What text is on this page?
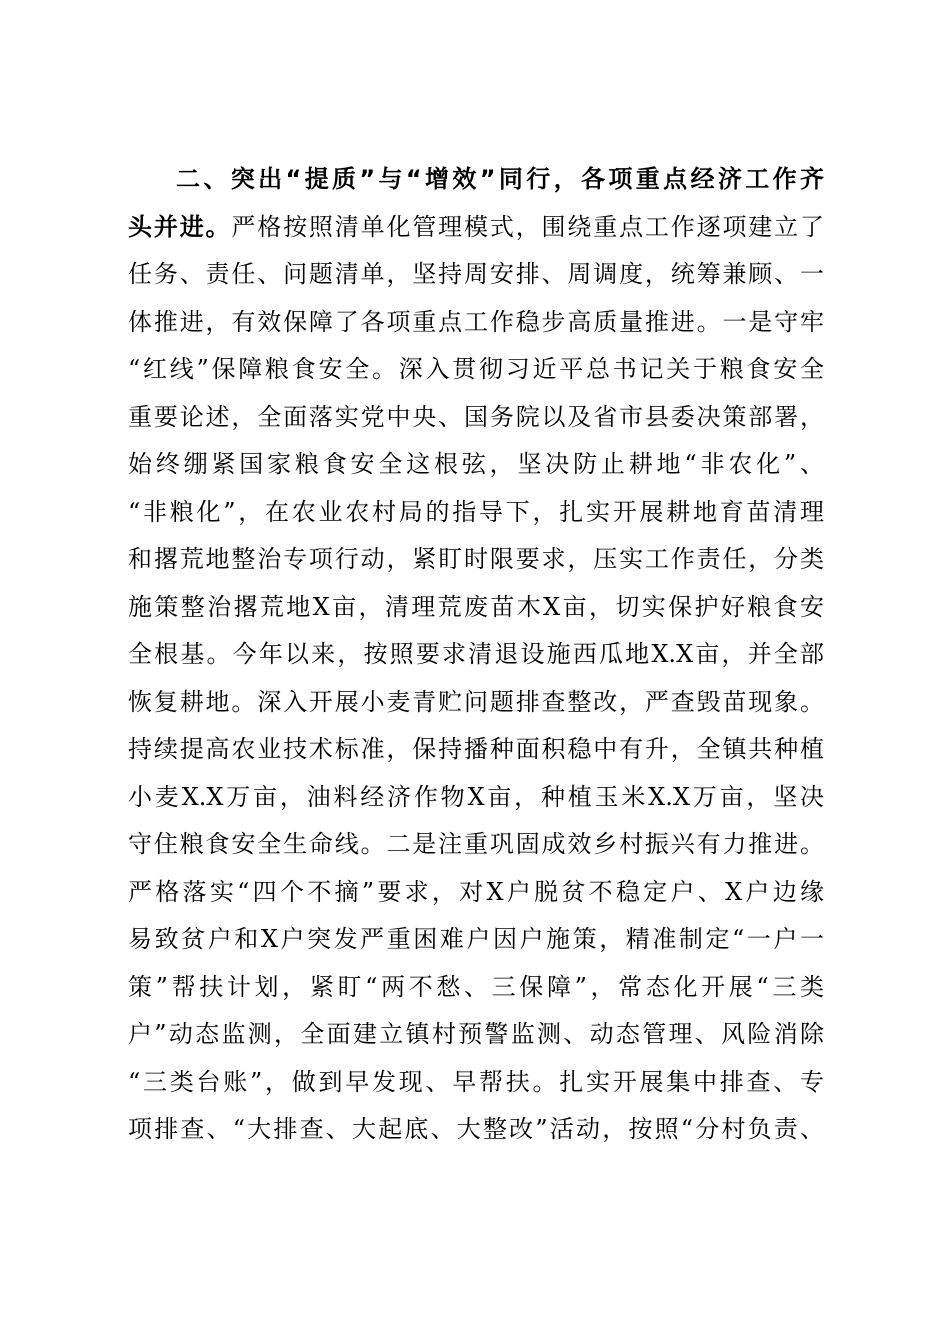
二、突出“提质”与“增效”同行，各项重点经济工作齐
头并进。严格按照清单化管理模式，围绕重点工作逐项建立了
任务、责任、问题清单，坚持周安排、周调度，统筹兼顾、一
体推进，有效保障了各项重点工作稳步高质量推进。一是守牢
“红线”保障粮食安全。深入贯彻习近平总书记关于粮食安全
重要论述，全面落实党中央、国务院以及省市县委决策部署，
始终绷紧国家粮食安全这根弦，坚决防止耕地“非农化”、
“非粮化”，在农业农村局的指导下，扎实开展耕地育苗清理
和撂荒地整治专项行动，紧盯时限要求，压实工作责任，分类
施策整治撂荒地X亩，清理荒废苗木X亩，切实保护好粮食安
全根基。今年以来，按照要求清退设施西瓜地X.X亩，并全部
恢复耕地。深入开展小麦青贮问题排查整改，严查毁苗现象。
持续提高农业技术标准，保持播种面积稳中有升，全镇共种植
小麦X.X万亩，油料经济作物X亩，种植玉米X.X万亩，坚决
守住粮食安全生命线。二是注重巩固成效乡村振兴有力推进。
严格落实“四个不摘”要求，对X户脱贫不稳定户、X户边缘
易致贫户和X户突发严重困难户因户施策，精准制定“一户一
策”帮扶计划，紧盯“两不愁、三保障”，常态化开展“三类
户”动态监测，全面建立镇村预警监测、动态管理、风险消除
“三类台账”，做到早发现、早帮扶。扎实开展集中排查、专
项排查、“大排查、大起底、大整改”活动，按照“分村负责、
